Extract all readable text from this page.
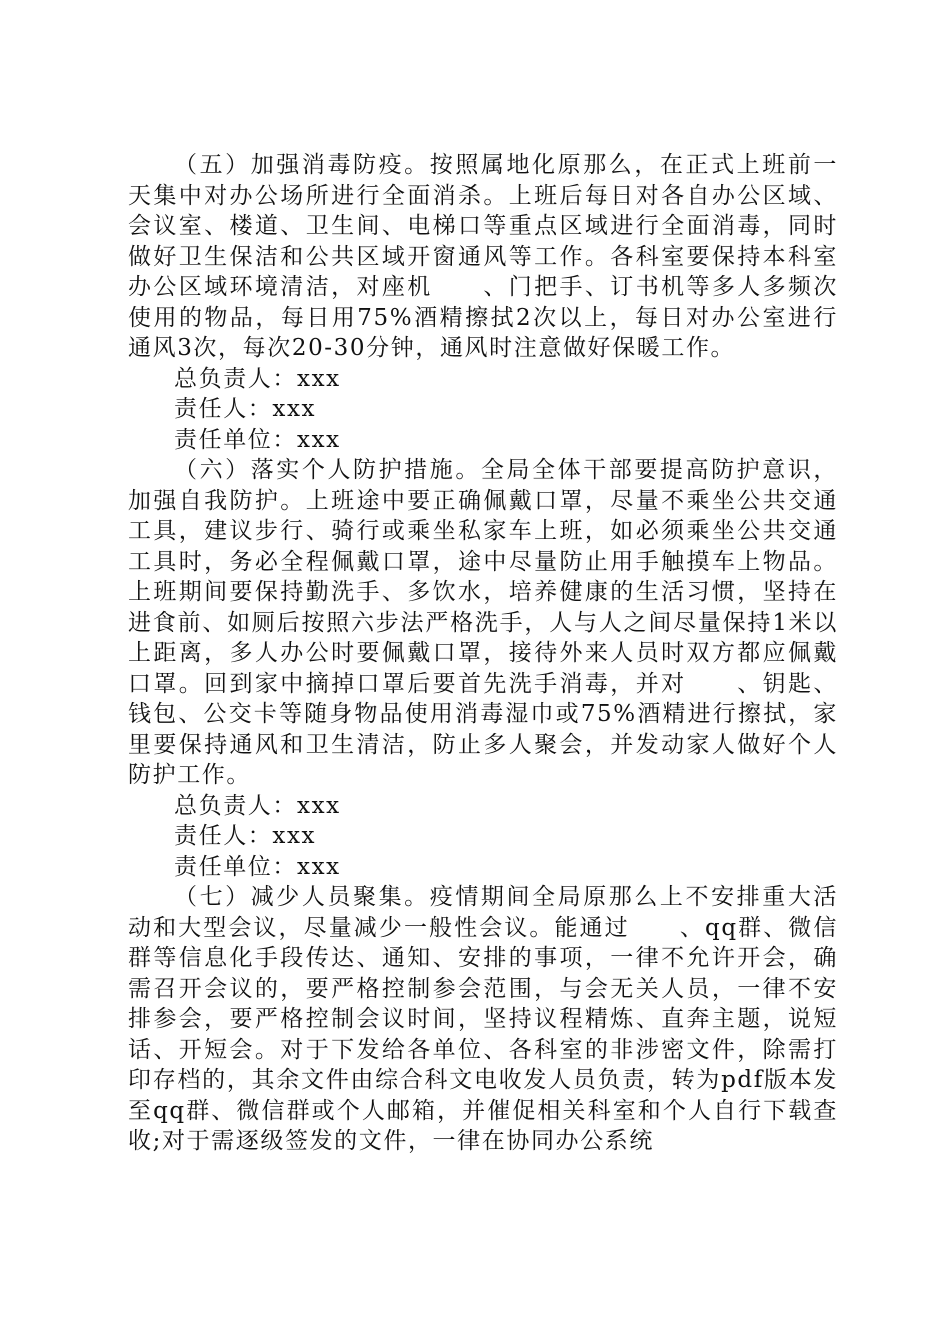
（五）加强消毒防疫。按照属地化原那么，在正式上班前一天集中对办公场所进行全面消杀。上班后每日对各自办公区域、会议室、楼道、卫生间、电梯口等重点区域进行全面消毒，同时做好卫生保洁和公共区域开窗通风等工作。各科室要保持本科室办公区域环境清洁，对座机　　、门把手、订书机等多人多频次使用的物品，每日用75%酒精擦拭2次以上，每日对办公室进行通风3次，每次20-30分钟，通风时注意做好保暖工作。

总负责人：xxx

责任人：xxx

责任单位：xxx

（六）落实个人防护措施。全局全体干部要提高防护意识，加强自我防护。上班途中要正确佩戴口罩，尽量不乘坐公共交通工具，建议步行、骑行或乘坐私家车上班，如必须乘坐公共交通工具时，务必全程佩戴口罩，途中尽量防止用手触摸车上物品。上班期间要保持勤洗手、多饮水，培养健康的生活习惯，坚持在进食前、如厕后按照六步法严格洗手，人与人之间尽量保持1米以上距离，多人办公时要佩戴口罩，接待外来人员时双方都应佩戴口罩。回到家中摘掉口罩后要首先洗手消毒，并对　　、钥匙、钱包、公交卡等随身物品使用消毒湿巾或75%酒精进行擦拭，家里要保持通风和卫生清洁，防止多人聚会，并发动家人做好个人防护工作。

总负责人：xxx

责任人：xxx

责任单位：xxx

（七）减少人员聚集。疫情期间全局原那么上不安排重大活动和大型会议，尽量减少一般性会议。能通过　　、qq群、微信群等信息化手段传达、通知、安排的事项，一律不允许开会，确需召开会议的，要严格控制参会范围，与会无关人员，一律不安排参会，要严格控制会议时间，坚持议程精炼、直奔主题，说短话、开短会。对于下发给各单位、各科室的非涉密文件，除需打印存档的，其余文件由综合科文电收发人员负责，转为pdf版本发至qq群、微信群或个人邮箱，并催促相关科室和个人自行下载查收;对于需逐级签发的文件，一律在协同办公系统
